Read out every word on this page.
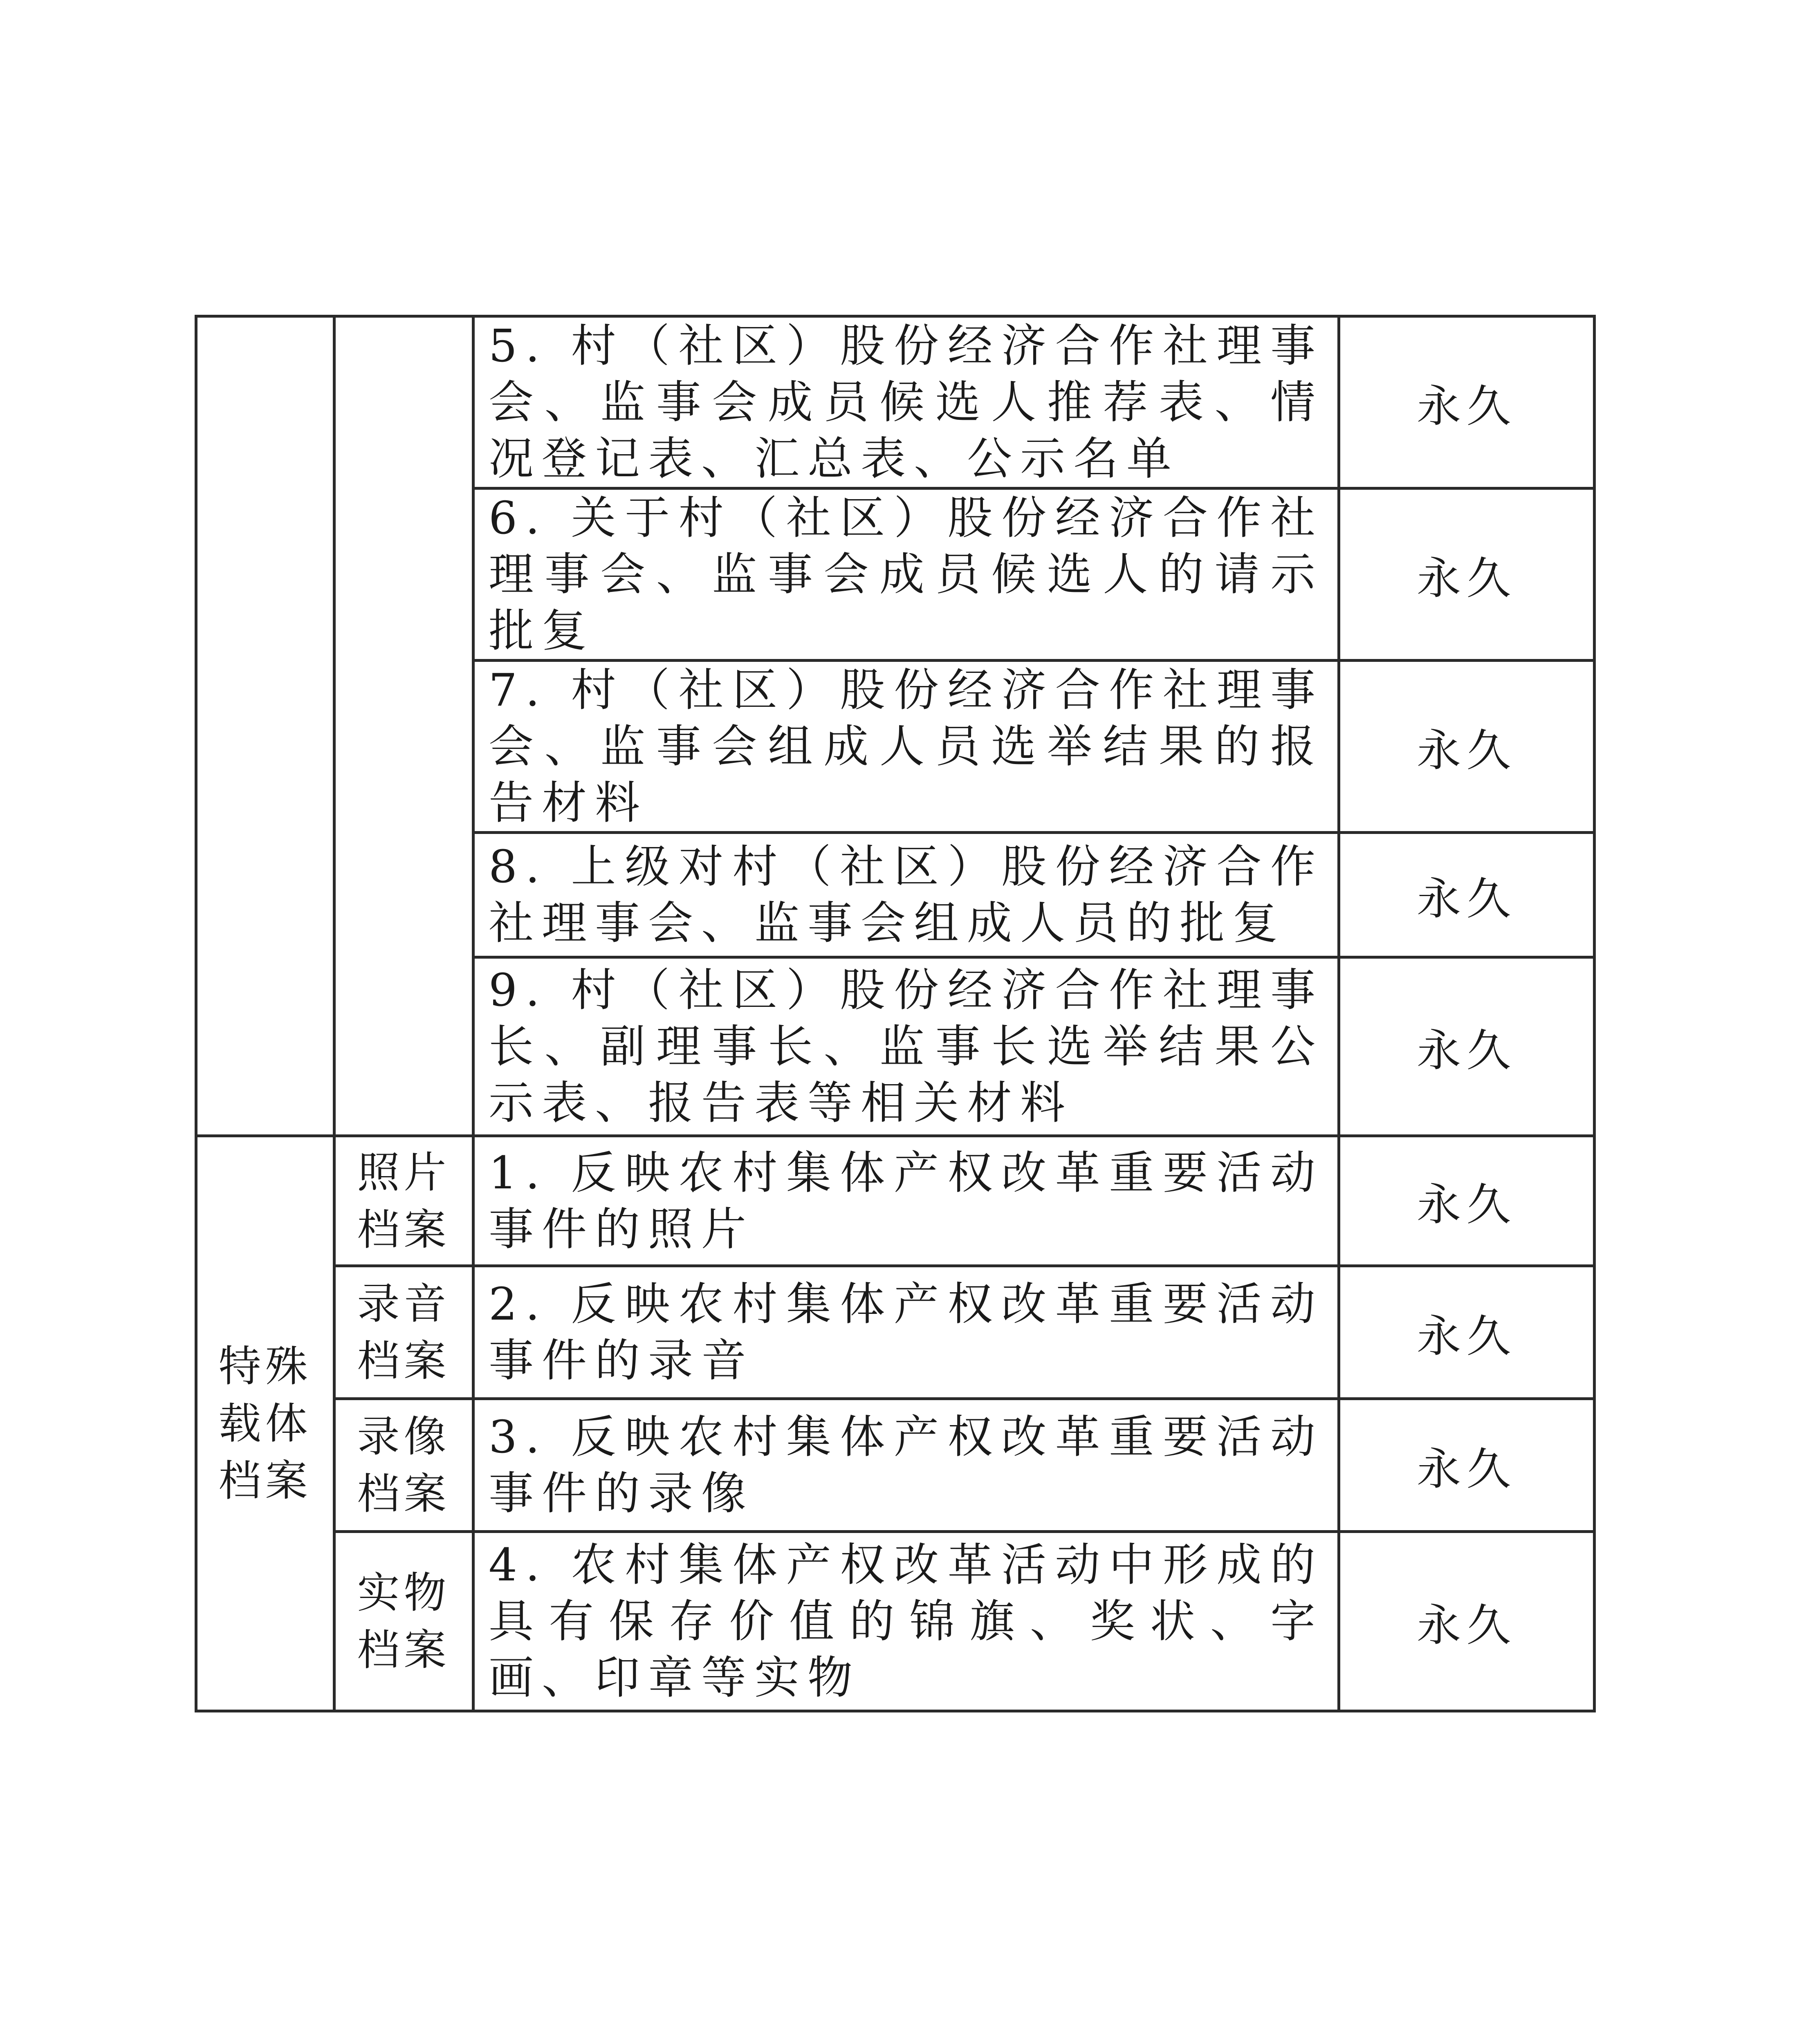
		5. 村（社区）股份经济合作社理事会、监事会成员候选人推荐表、情况登记表、汇总表、公示名单	永久
		6. 关于村（社区）股份经济合作社理事会、监事会成员候选人的请示批复	永久
		7. 村（社区）股份经济合作社理事会、监事会组成人员选举结果的报告材料	永久
		8. 上级对村（社区）股份经济合作社理事会、监事会组成人员的批复	永久
		9. 村（社区）股份经济合作社理事长、副理事长、监事长选举结果公示表、报告表等相关材料	永久
特殊载体档案	照片档案	1. 反映农村集体产权改革重要活动事件的照片	永久
	录音档案	2. 反映农村集体产权改革重要活动事件的录音	永久
	录像档案	3. 反映农村集体产权改革重要活动事件的录像	永久
	实物档案	4. 农村集体产权改革活动中形成的具有保存价值的锦旗、奖状、字画、印章等实物	永久
